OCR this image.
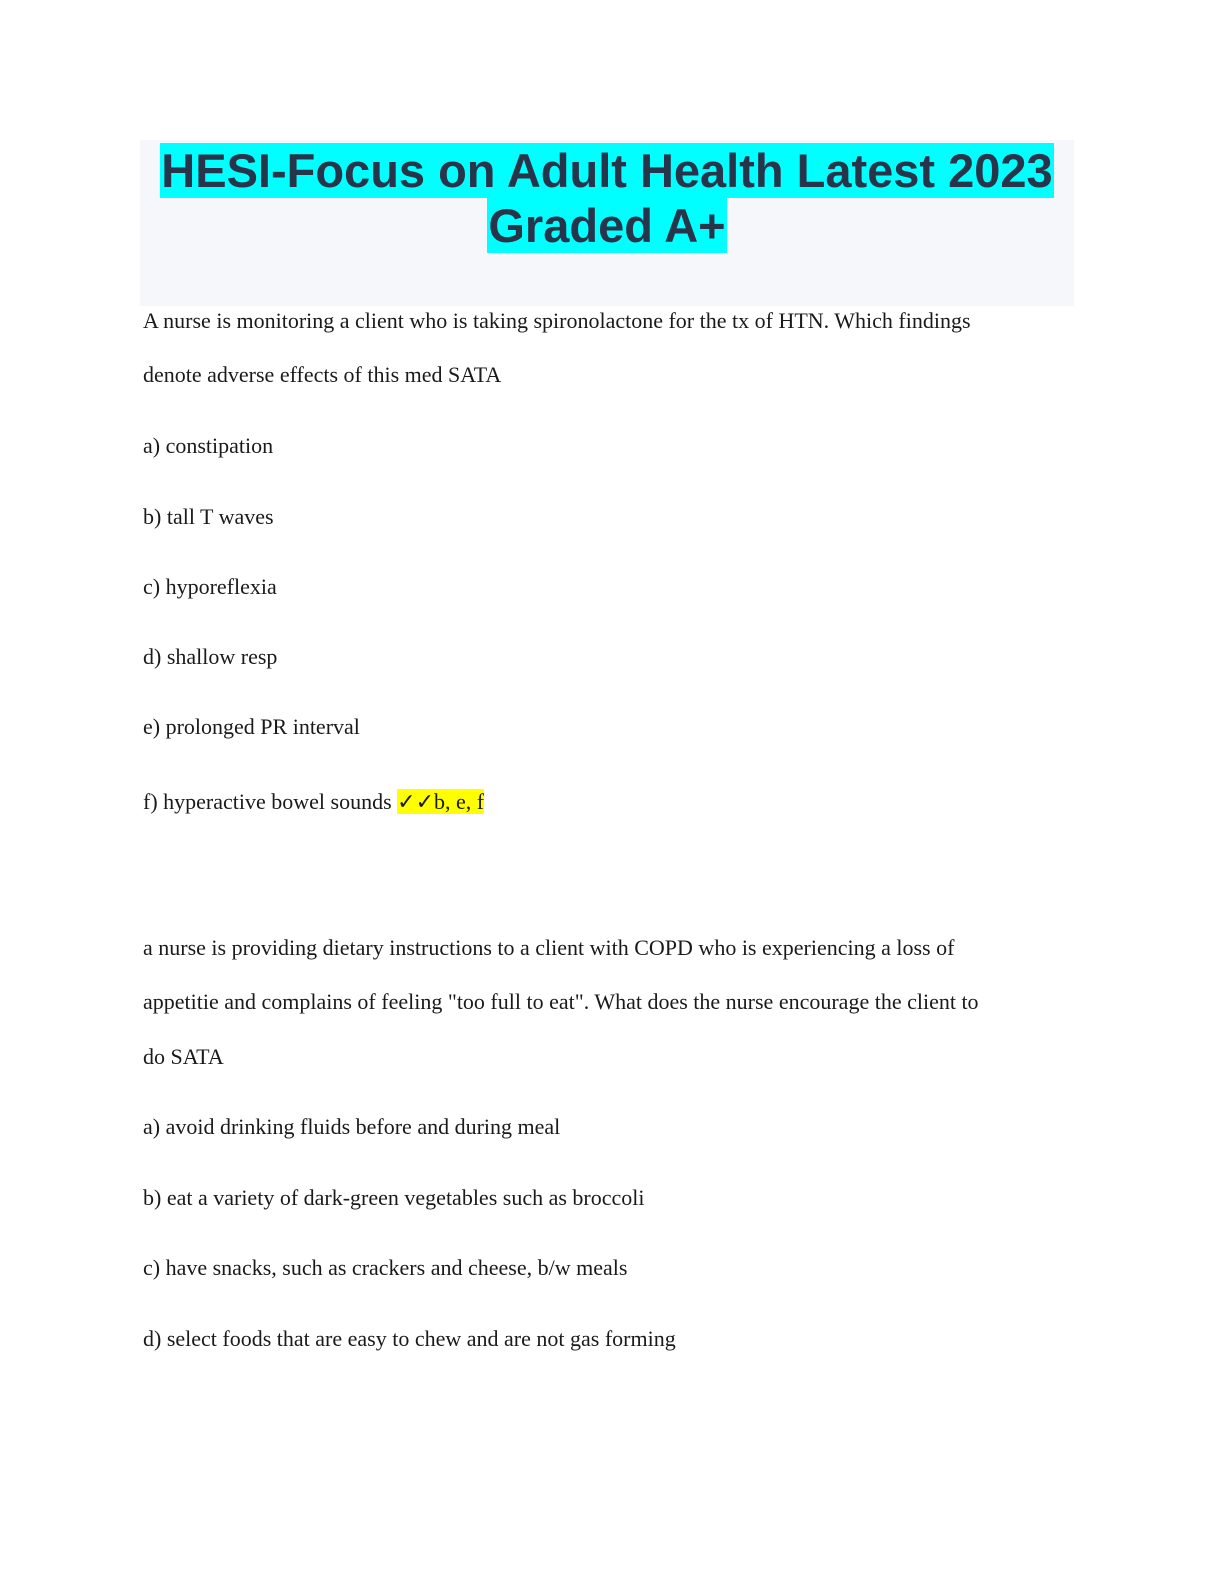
HESI-Focus on Adult Health Latest 2023
Graded A+
A nurse is monitoring a client who is taking spironolactone for the tx of HTN. Which findings
denote adverse effects of this med SATA
a) constipation
b) tall T waves
c) hyporeflexia
d) shallow resp
e) prolonged PR interval
f) hyperactive bowel sounds ✓✓b, e, f
a nurse is providing dietary instructions to a client with COPD who is experiencing a loss of
appetitie and complains of feeling "too full to eat". What does the nurse encourage the client to
do SATA
a) avoid drinking fluids before and during meal
b) eat a variety of dark-green vegetables such as broccoli
c) have snacks, such as crackers and cheese, b/w meals
d) select foods that are easy to chew and are not gas forming
